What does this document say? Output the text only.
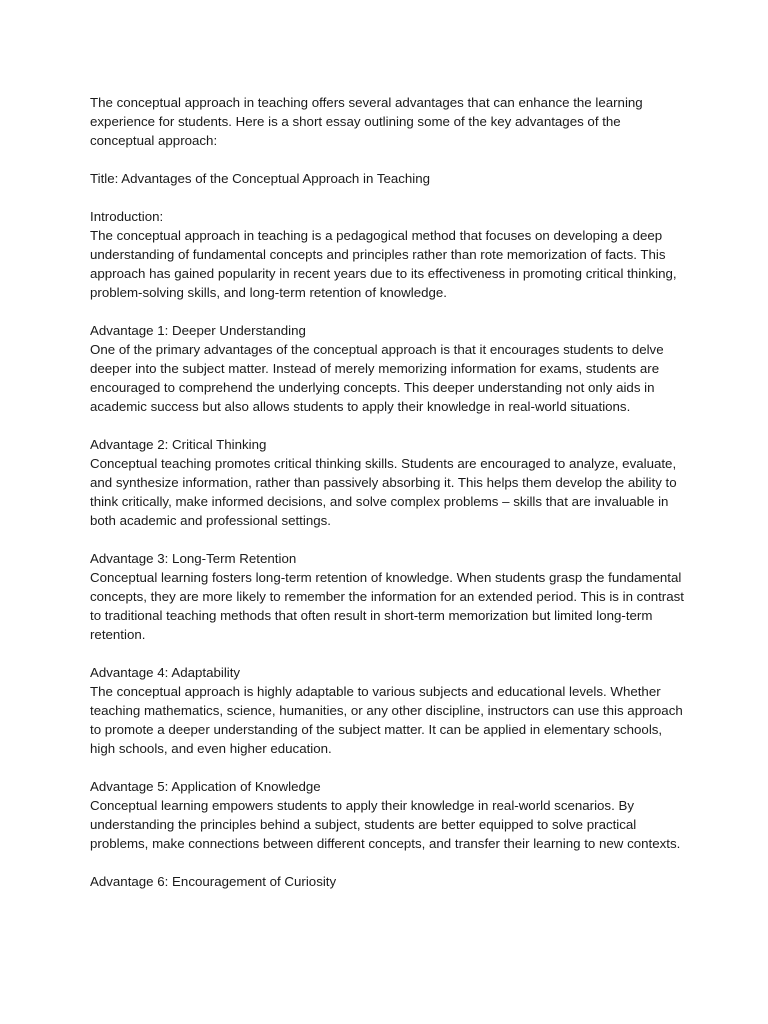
The conceptual approach in teaching offers several advantages that can enhance the learning experience for students. Here is a short essay outlining some of the key advantages of the conceptual approach:

Title: Advantages of the Conceptual Approach in Teaching

Introduction:

The conceptual approach in teaching is a pedagogical method that focuses on developing a deep understanding of fundamental concepts and principles rather than rote memorization of facts. This approach has gained popularity in recent years due to its effectiveness in promoting critical thinking, problem-solving skills, and long-term retention of knowledge.

Advantage 1: Deeper Understanding

One of the primary advantages of the conceptual approach is that it encourages students to delve deeper into the subject matter. Instead of merely memorizing information for exams, students are encouraged to comprehend the underlying concepts. This deeper understanding not only aids in academic success but also allows students to apply their knowledge in real-world situations.

Advantage 2: Critical Thinking

Conceptual teaching promotes critical thinking skills. Students are encouraged to analyze, evaluate, and synthesize information, rather than passively absorbing it. This helps them develop the ability to think critically, make informed decisions, and solve complex problems – skills that are invaluable in both academic and professional settings.

Advantage 3: Long-Term Retention

Conceptual learning fosters long-term retention of knowledge. When students grasp the fundamental concepts, they are more likely to remember the information for an extended period. This is in contrast to traditional teaching methods that often result in short-term memorization but limited long-term retention.

Advantage 4: Adaptability

The conceptual approach is highly adaptable to various subjects and educational levels. Whether teaching mathematics, science, humanities, or any other discipline, instructors can use this approach to promote a deeper understanding of the subject matter. It can be applied in elementary schools, high schools, and even higher education.

Advantage 5: Application of Knowledge

Conceptual learning empowers students to apply their knowledge in real-world scenarios. By understanding the principles behind a subject, students are better equipped to solve practical problems, make connections between different concepts, and transfer their learning to new contexts.

Advantage 6: Encouragement of Curiosity
